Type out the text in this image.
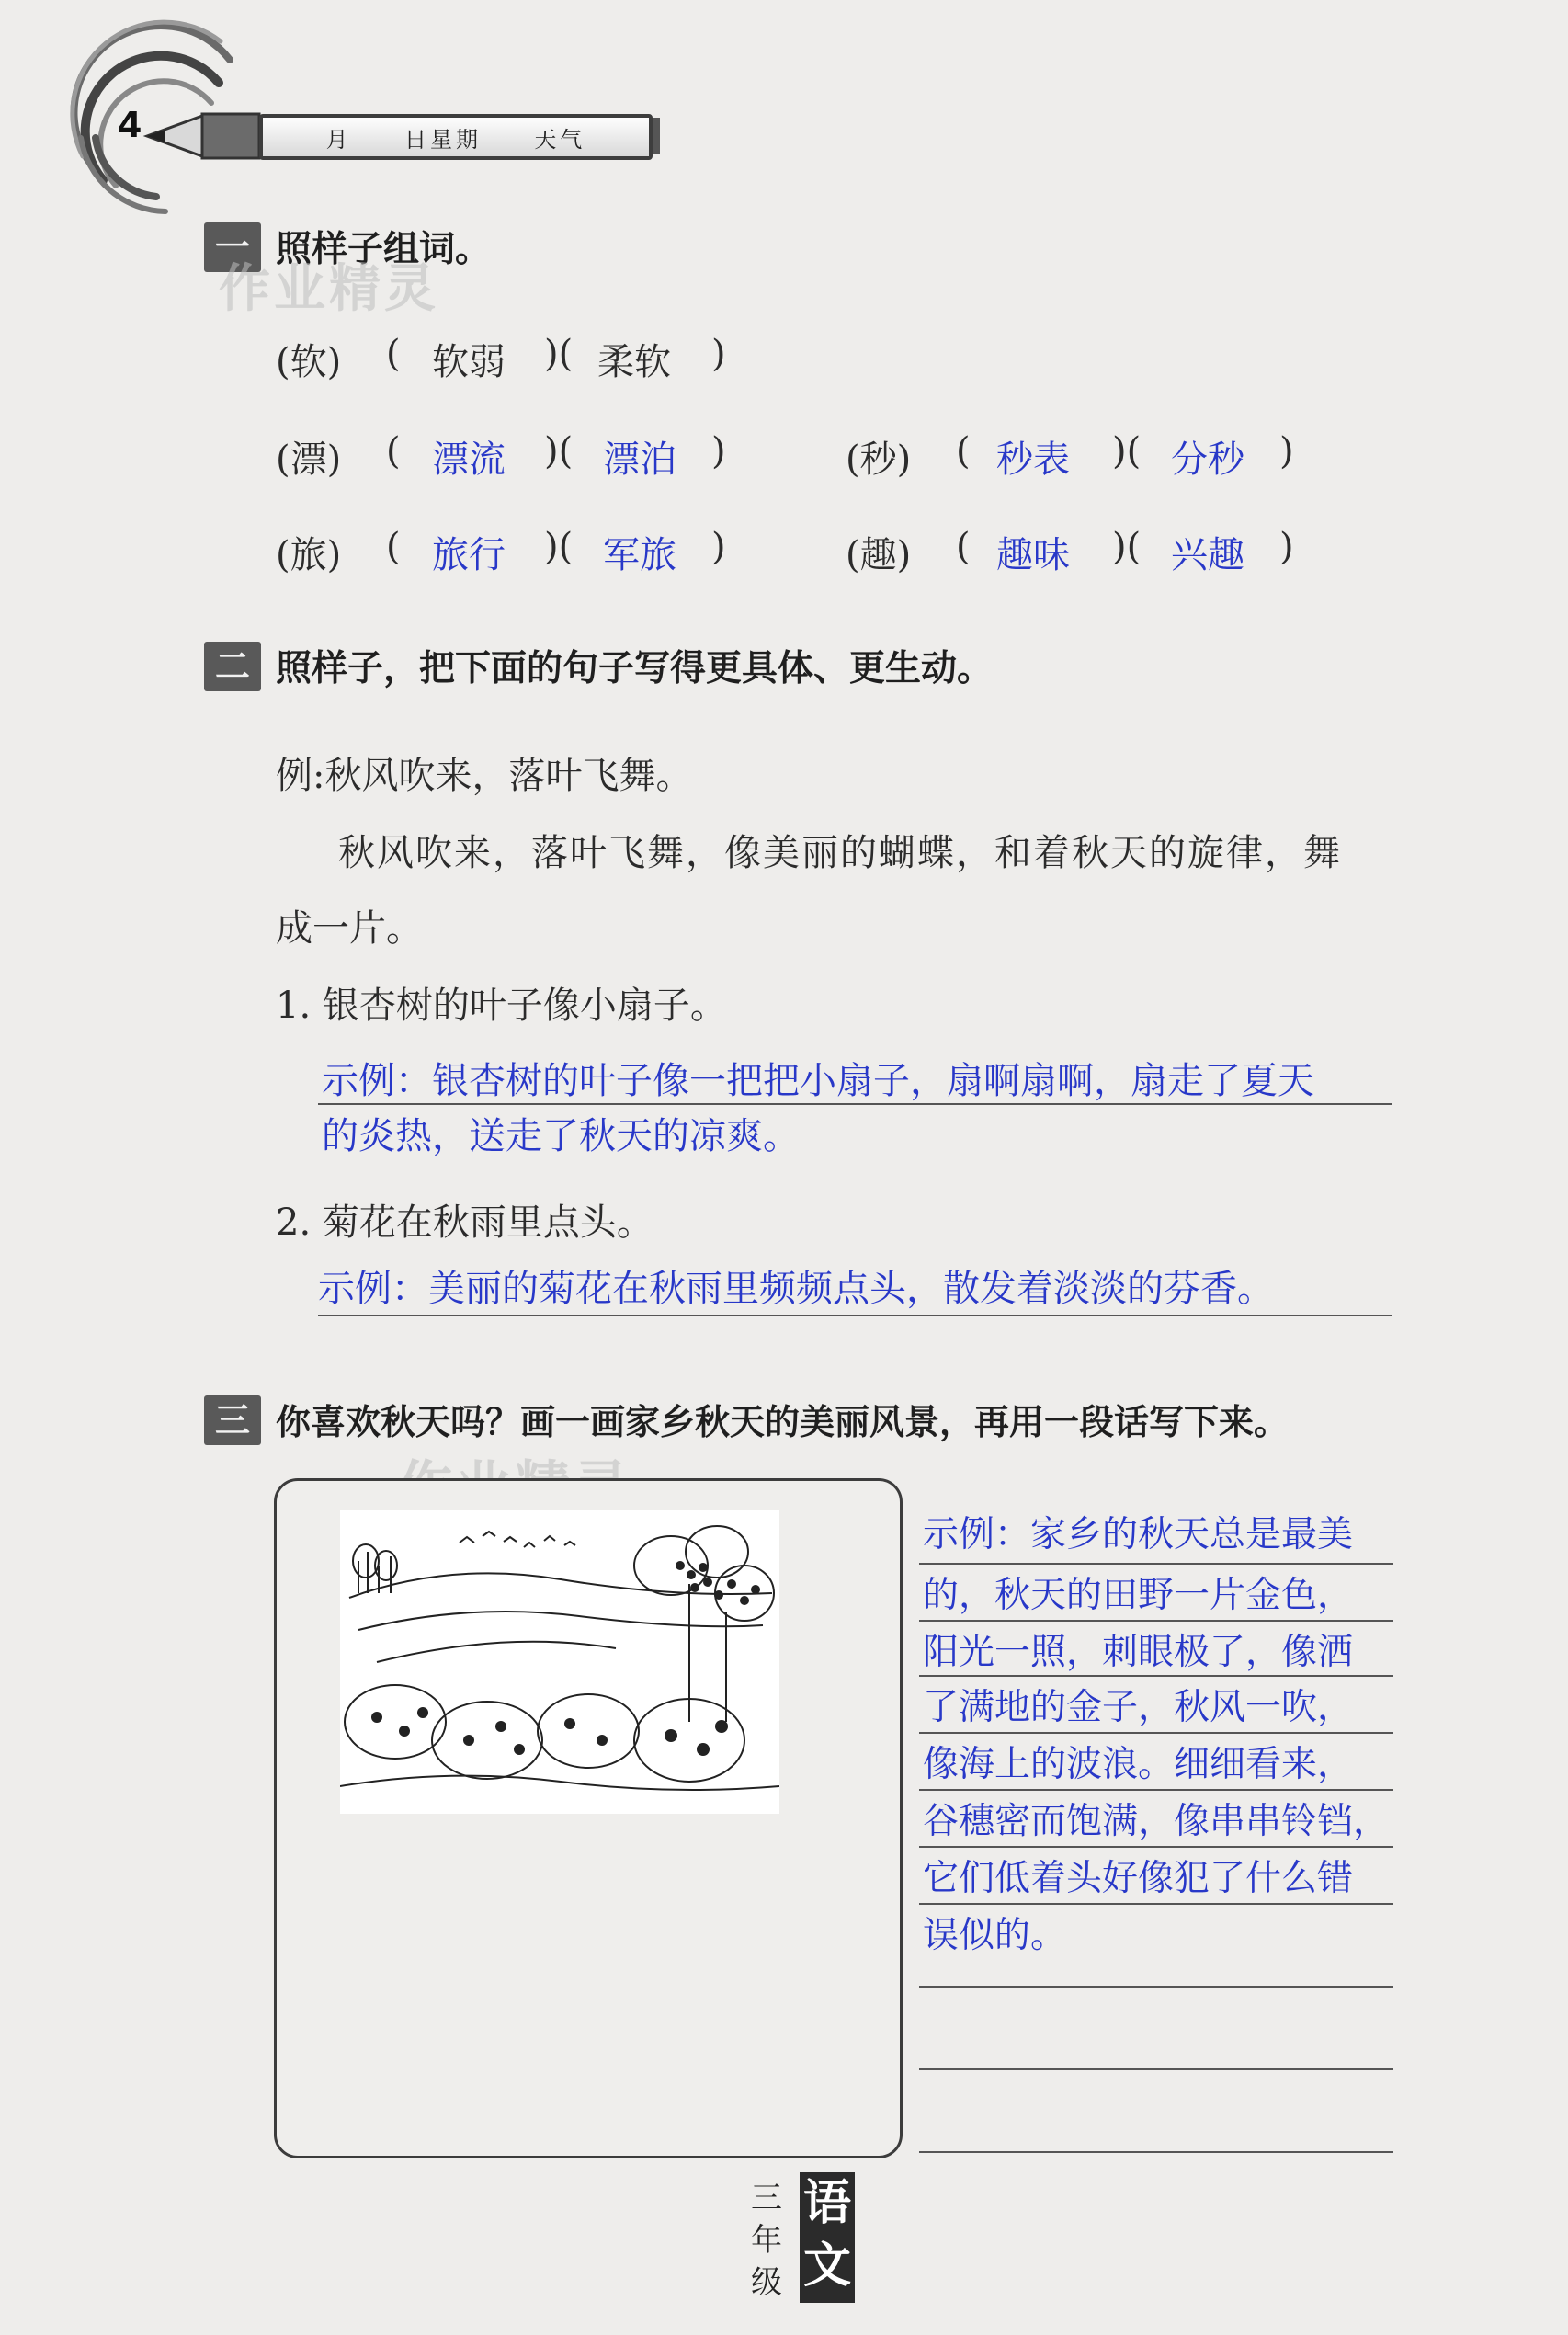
4	月 日星期 天气
一 照样子组词。
作业精灵
(软) ( 软弱 )( 柔软 )
(漂) ( 漂流 )( 漂泊 )	(秒) ( 秒表 )( 分秒 )
(旅) ( 旅行 )( 军旅 )	(趣) ( 趣味 )( 兴趣 )
二 照样子，把下面的句子写得更具体、更生动。
例:秋风吹来，落叶飞舞。
秋风吹来，落叶飞舞，像美丽的蝴蝶，和着秋天的旋律，舞
成一片。
1. 银杏树的叶子像小扇子。
示例：银杏树的叶子像一把把小扇子，扇啊扇啊，扇走了夏天
的炎热，送走了秋天的凉爽。
2. 菊花在秋雨里点头。
示例：美丽的菊花在秋雨里频频点头，散发着淡淡的芬香。
三 你喜欢秋天吗？画一画家乡秋天的美丽风景，再用一段话写下来。
示例：家乡的秋天总是最美
的，秋天的田野一片金色，
阳光一照，刺眼极了，像洒
了满地的金子，秋风一吹，
像海上的波浪。细细看来，
谷穗密而饱满，像串串铃铛，
它们低着头好像犯了什么错
误似的。
三
年
级
语
文
